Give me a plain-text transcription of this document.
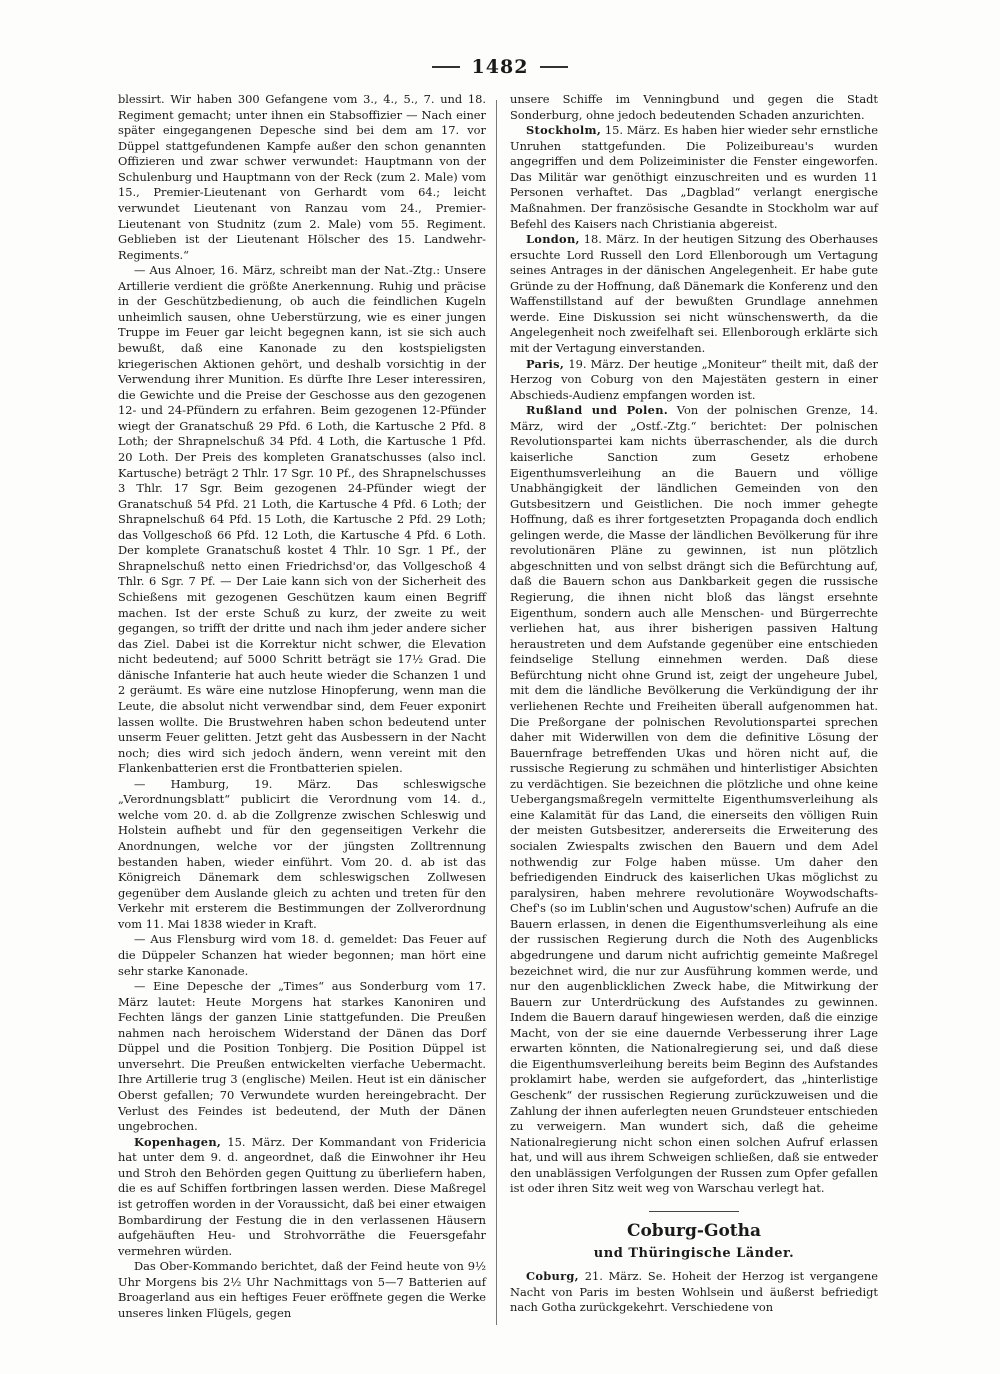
1482

blessirt. Wir haben 300 Gefangene vom 3., 4., 5., 7. und 18. Regiment gemacht; unter ihnen ein Stabsoffizier — Nach einer später eingegangenen Depesche sind bei dem am 17. vor Düppel stattgefundenen Kampfe außer den schon genannten Offizieren und zwar schwer verwundet: Hauptmann von der Schulenburg und Hauptmann von der Reck (zum 2. Male) vom 15., Premier-Lieutenant von Gerhardt vom 64.; leicht verwundet Lieutenant von Ranzau vom 24., Premier-Lieutenant von Studnitz (zum 2. Male) vom 55. Regiment. Geblieben ist der Lieutenant Hölscher des 15. Landwehr-Regiments.“

— Aus Alnoer, 16. März, schreibt man der Nat.-Ztg.: Unsere Artillerie verdient die größte Anerkennung. Ruhig und präcise in der Geschützbedienung, ob auch die feindlichen Kugeln unheimlich sausen, ohne Ueberstürzung, wie es einer jungen Truppe im Feuer gar leicht begegnen kann, ist sie sich auch bewußt, daß eine Kanonade zu den kostspieligsten kriegerischen Aktionen gehört, und deshalb vorsichtig in der Verwendung ihrer Munition. Es dürfte Ihre Leser interessiren, die Gewichte und die Preise der Geschosse aus den gezogenen 12- und 24-Pfündern zu erfahren. Beim gezogenen 12-Pfünder wiegt der Granatschuß 29 Pfd. 6 Loth, die Kartusche 2 Pfd. 8 Loth; der Shrapnelschuß 34 Pfd. 4 Loth, die Kartusche 1 Pfd. 20 Loth. Der Preis des kompleten Granatschusses (also incl. Kartusche) beträgt 2 Thlr. 17 Sgr. 10 Pf., des Shrapnelschusses 3 Thlr. 17 Sgr. Beim gezogenen 24-Pfünder wiegt der Granatschuß 54 Pfd. 21 Loth, die Kartusche 4 Pfd. 6 Loth; der Shrapnelschuß 64 Pfd. 15 Loth, die Kartusche 2 Pfd. 29 Loth; das Vollgeschoß 66 Pfd. 12 Loth, die Kartusche 4 Pfd. 6 Loth. Der komplete Granatschuß kostet 4 Thlr. 10 Sgr. 1 Pf., der Shrapnelschuß netto einen Friedrichsd'or, das Vollgeschoß 4 Thlr. 6 Sgr. 7 Pf. — Der Laie kann sich von der Sicherheit des Schießens mit gezogenen Geschützen kaum einen Begriff machen. Ist der erste Schuß zu kurz, der zweite zu weit gegangen, so trifft der dritte und nach ihm jeder andere sicher das Ziel. Dabei ist die Korrektur nicht schwer, die Elevation nicht bedeutend; auf 5000 Schritt beträgt sie 17½ Grad. Die dänische Infanterie hat auch heute wieder die Schanzen 1 und 2 geräumt. Es wäre eine nutzlose Hinopferung, wenn man die Leute, die absolut nicht verwendbar sind, dem Feuer exponirt lassen wollte. Die Brustwehren haben schon bedeutend unter unserm Feuer gelitten. Jetzt geht das Ausbessern in der Nacht noch; dies wird sich jedoch ändern, wenn vereint mit den Flankenbatterien erst die Frontbatterien spielen.

— Hamburg, 19. März. Das schleswigsche „Verordnungsblatt“ publicirt die Verordnung vom 14. d., welche vom 20. d. ab die Zollgrenze zwischen Schleswig und Holstein aufhebt und für den gegenseitigen Verkehr die Anordnungen, welche vor der jüngsten Zolltrennung bestanden haben, wieder einführt. Vom 20. d. ab ist das Königreich Dänemark dem schleswigschen Zollwesen gegenüber dem Auslande gleich zu achten und treten für den Verkehr mit ersterem die Bestimmungen der Zollverordnung vom 11. Mai 1838 wieder in Kraft.

— Aus Flensburg wird vom 18. d. gemeldet: Das Feuer auf die Düppeler Schanzen hat wieder begonnen; man hört eine sehr starke Kanonade.

— Eine Depesche der „Times“ aus Sonderburg vom 17. März lautet: Heute Morgens hat starkes Kanoniren und Fechten längs der ganzen Linie stattgefunden. Die Preußen nahmen nach heroischem Widerstand der Dänen das Dorf Düppel und die Position Tonbjerg. Die Position Düppel ist unversehrt. Die Preußen entwickelten vierfache Uebermacht. Ihre Artillerie trug 3 (englische) Meilen. Heut ist ein dänischer Oberst gefallen; 70 Verwundete wurden hereingebracht. Der Verlust des Feindes ist bedeutend, der Muth der Dänen ungebrochen.

Kopenhagen, 15. März. Der Kommandant von Fridericia hat unter dem 9. d. angeordnet, daß die Einwohner ihr Heu und Stroh den Behörden gegen Quittung zu überliefern haben, die es auf Schiffen fortbringen lassen werden. Diese Maßregel ist getroffen worden in der Voraussicht, daß bei einer etwaigen Bombardirung der Festung die in den verlassenen Häusern aufgehäuften Heu- und Strohvorräthe die Feuersgefahr vermehren würden.

Das Ober-Kommando berichtet, daß der Feind heute von 9½ Uhr Morgens bis 2½ Uhr Nachmittags von 5—7 Batterien auf Broagerland aus ein heftiges Feuer eröffnete gegen die Werke unseres linken Flügels, gegen

unsere Schiffe im Venningbund und gegen die Stadt Sonderburg, ohne jedoch bedeutenden Schaden anzurichten.

Stockholm, 15. März. Es haben hier wieder sehr ernstliche Unruhen stattgefunden. Die Polizeibureau's wurden angegriffen und dem Polizeiminister die Fenster eingeworfen. Das Militär war genöthigt einzuschreiten und es wurden 11 Personen verhaftet. Das „Dagblad“ verlangt energische Maßnahmen. Der französische Gesandte in Stockholm war auf Befehl des Kaisers nach Christiania abgereist.

London, 18. März. In der heutigen Sitzung des Oberhauses ersuchte Lord Russell den Lord Ellenborough um Vertagung seines Antrages in der dänischen Angelegenheit. Er habe gute Gründe zu der Hoffnung, daß Dänemark die Konferenz und den Waffenstillstand auf der bewußten Grundlage annehmen werde. Eine Diskussion sei nicht wünschenswerth, da die Angelegenheit noch zweifelhaft sei. Ellenborough erklärte sich mit der Vertagung einverstanden.

Paris, 19. März. Der heutige „Moniteur“ theilt mit, daß der Herzog von Coburg von den Majestäten gestern in einer Abschieds-Audienz empfangen worden ist.

Rußland und Polen. Von der polnischen Grenze, 14. März, wird der „Ostf.-Ztg.“ berichtet: Der polnischen Revolutionspartei kam nichts überraschender, als die durch kaiserliche Sanction zum Gesetz erhobene Eigenthumsverleihung an die Bauern und völlige Unabhängigkeit der ländlichen Gemeinden von den Gutsbesitzern und Geistlichen. Die noch immer gehegte Hoffnung, daß es ihrer fortgesetzten Propaganda doch endlich gelingen werde, die Masse der ländlichen Bevölkerung für ihre revolutionären Pläne zu gewinnen, ist nun plötzlich abgeschnitten und von selbst drängt sich die Befürchtung auf, daß die Bauern schon aus Dankbarkeit gegen die russische Regierung, die ihnen nicht bloß das längst ersehnte Eigenthum, sondern auch alle Menschen- und Bürgerrechte verliehen hat, aus ihrer bisherigen passiven Haltung heraustreten und dem Aufstande gegenüber eine entschieden feindselige Stellung einnehmen werden. Daß diese Befürchtung nicht ohne Grund ist, zeigt der ungeheure Jubel, mit dem die ländliche Bevölkerung die Verkündigung der ihr verliehenen Rechte und Freiheiten überall aufgenommen hat. Die Preßorgane der polnischen Revolutionspartei sprechen daher mit Widerwillen von dem die definitive Lösung der Bauernfrage betreffenden Ukas und hören nicht auf, die russische Regierung zu schmähen und hinterlistiger Absichten zu verdächtigen. Sie bezeichnen die plötzliche und ohne keine Uebergangsmaßregeln vermittelte Eigenthumsverleihung als eine Kalamität für das Land, die einerseits den völligen Ruin der meisten Gutsbesitzer, andererseits die Erweiterung des socialen Zwiespalts zwischen den Bauern und dem Adel nothwendig zur Folge haben müsse. Um daher den befriedigenden Eindruck des kaiserlichen Ukas möglichst zu paralysiren, haben mehrere revolutionäre Woywodschafts-Chef's (so im Lublin'schen und Augustow'schen) Aufrufe an die Bauern erlassen, in denen die Eigenthumsverleihung als eine der russischen Regierung durch die Noth des Augenblicks abgedrungene und darum nicht aufrichtig gemeinte Maßregel bezeichnet wird, die nur zur Ausführung kommen werde, und nur den augenblicklichen Zweck habe, die Mitwirkung der Bauern zur Unterdrückung des Aufstandes zu gewinnen. Indem die Bauern darauf hingewiesen werden, daß die einzige Macht, von der sie eine dauernde Verbesserung ihrer Lage erwarten könnten, die Nationalregierung sei, und daß diese die Eigenthumsverleihung bereits beim Beginn des Aufstandes proklamirt habe, werden sie aufgefordert, das „hinterlistige Geschenk“ der russischen Regierung zurückzuweisen und die Zahlung der ihnen auferlegten neuen Grundsteuer entschieden zu verweigern. Man wundert sich, daß die geheime Nationalregierung nicht schon einen solchen Aufruf erlassen hat, und will aus ihrem Schweigen schließen, daß sie entweder den unablässigen Verfolgungen der Russen zum Opfer gefallen ist oder ihren Sitz weit weg von Warschau verlegt hat.

Coburg-Gotha
und Thüringische Länder.

Coburg, 21. März. Se. Hoheit der Herzog ist vergangene Nacht von Paris im besten Wohlsein und äußerst befriedigt nach Gotha zurückgekehrt. Verschiedene von
